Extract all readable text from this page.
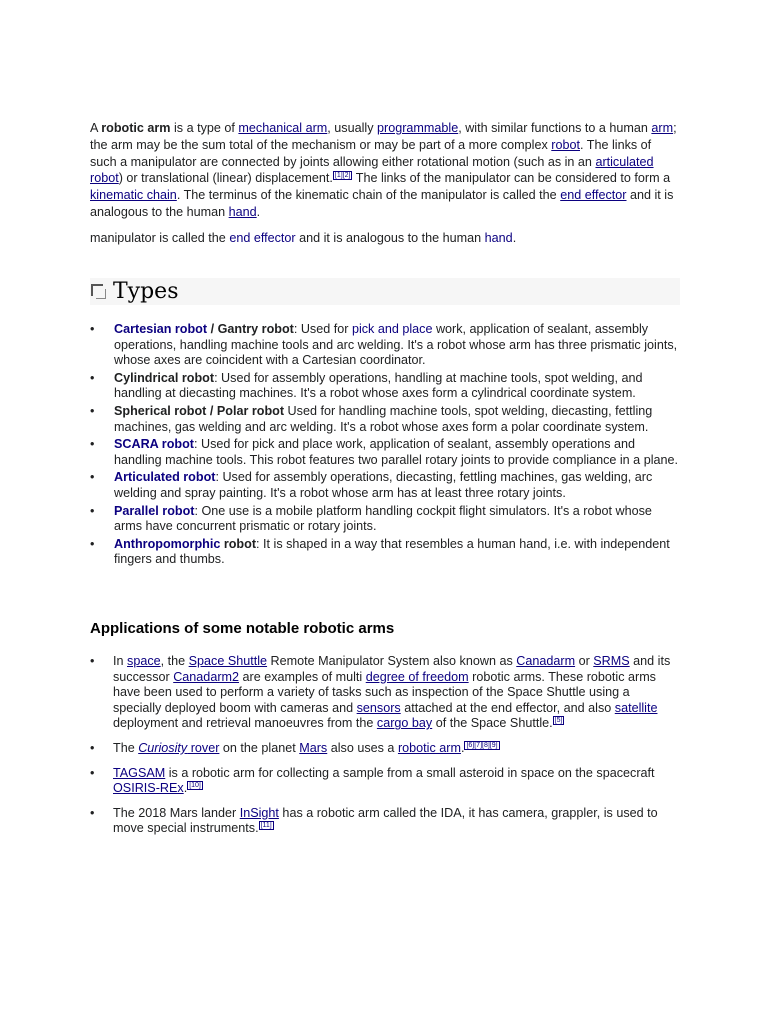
A robotic arm is a type of mechanical arm, usually programmable, with similar functions to a human arm; the arm may be the sum total of the mechanism or may be part of a more complex robot. The links of such a manipulator are connected by joints allowing either rotational motion (such as in an articulated robot) or translational (linear) displacement. [1][2] The links of the manipulator can be considered to form a kinematic chain. The terminus of the kinematic chain of the manipulator is called the end effector and it is analogous to the human hand.

manipulator is called the end effector and it is analogous to the human hand.

Types
• Cartesian robot / Gantry robot: Used for pick and place work, application of sealant, assembly operations, handling machine tools and arc welding. It's a robot whose arm has three prismatic joints, whose axes are coincident with a Cartesian coordinator.
• Cylindrical robot: Used for assembly operations, handling at machine tools, spot welding, and handling at diecasting machines. It's a robot whose axes form a cylindrical coordinate system.
• Spherical robot / Polar robot Used for handling machine tools, spot welding, diecasting, fettling machines, gas welding and arc welding. It's a robot whose axes form a polar coordinate system.
• SCARA robot: Used for pick and place work, application of sealant, assembly operations and handling machine tools. This robot features two parallel rotary joints to provide compliance in a plane.
• Articulated robot: Used for assembly operations, diecasting, fettling machines, gas welding, arc welding and spray painting. It's a robot whose arm has at least three rotary joints.
• Parallel robot: One use is a mobile platform handling cockpit flight simulators. It's a robot whose arms have concurrent prismatic or rotary joints.
• Anthropomorphic robot: It is shaped in a way that resembles a human hand, i.e. with independent fingers and thumbs.
Applications of some notable robotic arms
• In space, the Space Shuttle Remote Manipulator System also known as Canadarm or SRMS and its successor Canadarm2 are examples of multi degree of freedom robotic arms. These robotic arms have been used to perform a variety of tasks such as inspection of the Space Shuttle using a specially deployed boom with cameras and sensors attached at the end effector, and also satellite deployment and retrieval manoeuvres from the cargo bay of the Space Shuttle. [5]
• The Curiosity rover on the planet Mars also uses a robotic arm. [6][7][8][9]
• TAGSAM is a robotic arm for collecting a sample from a small asteroid in space on the spacecraft OSIRIS-REx. [10]
• The 2018 Mars lander InSight has a robotic arm called the IDA, it has camera, grappler, is used to move special instruments. [11]
